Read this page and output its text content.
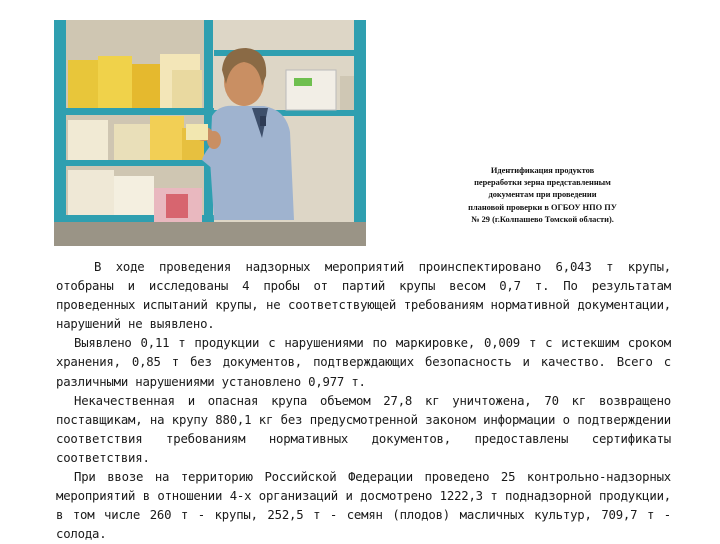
Идентификация продуктов
переработки зерна представленным
документам при проведении
плановой проверки в ОГБОУ НПО ПУ
№ 29 (г.Колпашево Томской области).

В ходе проведения надзорных мероприятий проинспектировано 6,043 т крупы, отобраны и исследованы 4 пробы от партий крупы весом 0,7 т. По результатам проведенных испытаний крупы, не соответствующей требованиям нормативной документации, нарушений не выявлено.

Выявлено 0,11 т продукции с нарушениями по маркировке, 0,009 т с истекшим сроком хранения, 0,85 т без документов, подтверждающих безопасность и качество. Всего с различными нарушениями установлено 0,977 т.

Некачественная и опасная крупа объемом 27,8 кг уничтожена, 70 кг возвращено поставщикам, на крупу 880,1 кг без предусмотренной законом информации о подтверждении соответствия требованиям нормативных документов, предоставлены сертификаты соответствия.

При ввозе на территорию Российской Федерации проведено 25 контрольно-надзорных мероприятий в отношении 4-х организаций и досмотрено 1222,3 т поднадзорной продукции, в том числе 260 т - крупы, 252,5 т - семян (плодов) масличных культур, 709,7 т - солода.
